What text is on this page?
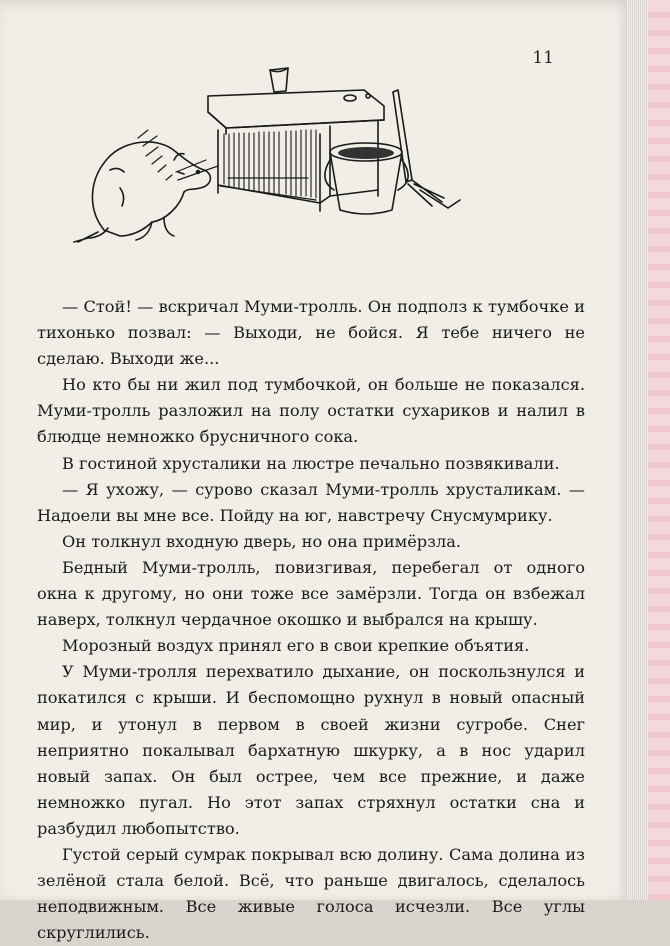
11

— Стой! — вскричал Муми-тролль. Он подполз к тумбочке и тихонько позвал: — Выходи, не бойся. Я тебе ничего не сделаю. Выходи же...

Но кто бы ни жил под тумбочкой, он больше не показался. Муми-тролль разложил на полу остатки сухариков и налил в блюдце немножко брусничного сока.

В гостиной хрусталики на люстре печально позвякивали.

— Я ухожу, — сурово сказал Муми-тролль хрусталикам. — Надоели вы мне все. Пойду на юг, навстречу Снусмумрику.

Он толкнул входную дверь, но она примёрзла.

Бедный Муми-тролль, повизгивая, перебегал от одного окна к другому, но они тоже все замёрзли. Тогда он взбежал наверх, толкнул чердачное окошко и выбрался на крышу.

Морозный воздух принял его в свои крепкие объятия.

У Муми-тролля перехватило дыхание, он поскользнулся и покатился с крыши. И беспомощно рухнул в новый опасный мир, и утонул в первом в своей жизни сугробе. Снег неприятно покалывал бархатную шкурку, а в нос ударил новый запах. Он был острее, чем все прежние, и даже немножко пугал. Но этот запах стряхнул остатки сна и разбудил любопытство.

Густой серый сумрак покрывал всю долину. Сама долина из зелёной стала белой. Всё, что раньше двигалось, сделалось неподвижным. Все живые голоса исчезли. Все углы скруглились.
